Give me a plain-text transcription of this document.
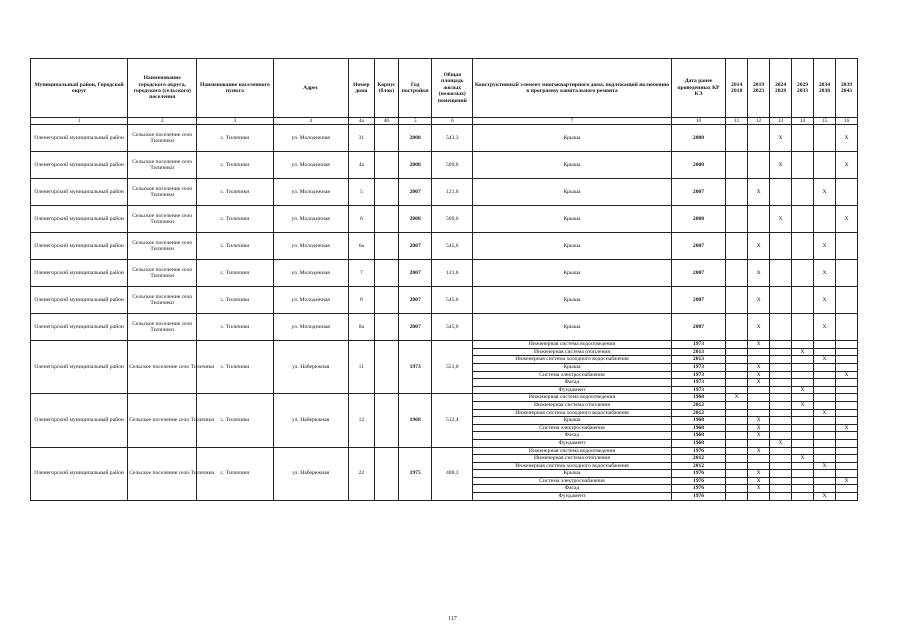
Муниципальный район, Городской округ	Наименование городского округа, городского (сельского) поселения	Наименование населенного пункта	Адрес	Номер дома	Корпус (блок)	Год постройки	Общая площадь жилых (нежилых) помещений	Конструктивный элемент многоквартирного дома, подлежащий включению в программу капитального ремонта	Дата ранее проведенных КР КЭ	2014 2018	2019 2023	2024 2028	2029 2033	2034 2038	2039 2043
1	2	3	4	4а	4б	5	6	7	10	11	12	13	14	15	16
Оленегорский муниципальный район	Сельское поселение село Тиличики	с. Тиличики	ул. Молодежная	31		2008	543,3	Крыша	2008			X			X
Оленегорский муниципальный район	Сельское поселение село Тиличики	с. Тиличики	ул. Молодежная	4а		2008	509,6	Крыша	2008			X			X
Оленегорский муниципальный район	Сельское поселение село Тиличики	с. Тиличики	ул. Молодежная	5		2007	121,6	Крыша	2007		X			X	
Оленегорский муниципальный район	Сельское поселение село Тиличики	с. Тиличики	ул. Молодежная	6		2008	509,6	Крыша	2008			X			X
Оленегорский муниципальный район	Сельское поселение село Тиличики	с. Тиличики	ул. Молодежная	6а		2007	545,6	Крыша	2007		X			X	
Оленегорский муниципальный район	Сельское поселение село Тиличики	с. Тиличики	ул. Молодежная	7		2007	121,6	Крыша	2007		X			X	
Оленегорский муниципальный район	Сельское поселение село Тиличики	с. Тиличики	ул. Молодежная	8		2007	545,6	Крыша	2007		X			X	
Оленегорский муниципальный район	Сельское поселение село Тиличики	с. Тиличики	ул. Молодежная	8а		2007	545,6	Крыша	2007		X			X	
Оленегорский муниципальный район	Сельское поселение село Тиличики	с. Тиличики	ул. Набережная	11		1973	551,0	Инженерная система водоотведения	1973		X				
								Инженерная система отопления	2013				X		
								Инженерная система холодного водоснабжения	2013					X	
								Крыша	1973		X				
								Система электроснабжения	1973		X				X
								Фасад	1973		X				
								Фундамент	1973				X		
Оленегорский муниципальный район	Сельское поселение село Тиличики	с. Тиличики	ул. Набережная	12		1968	512,4	Инженерная система водоотведения	1968	X					
								Инженерная система отопления	2012				X		
								Инженерная система холодного водоснабжения	2012					X	
								Крыша	1968		X				
								Система электроснабжения	1968		X				X
								Фасад	1968		X				
								Фундамент	1968			X			
Оленегорский муниципальный район	Сельское поселение село Тиличики	с. Тиличики	ул. Набережная	22		1975	488,3	Инженерная система водоотведения	1976		X				
								Инженерная система отопления	2012				X		
								Инженерная система холодного водоснабжения	2012					X	
								Крыша	1976		X				
								Система электроснабжения	1976		X				X
								Фасад	1976		X				
								Фундамент	1976					X	
117
